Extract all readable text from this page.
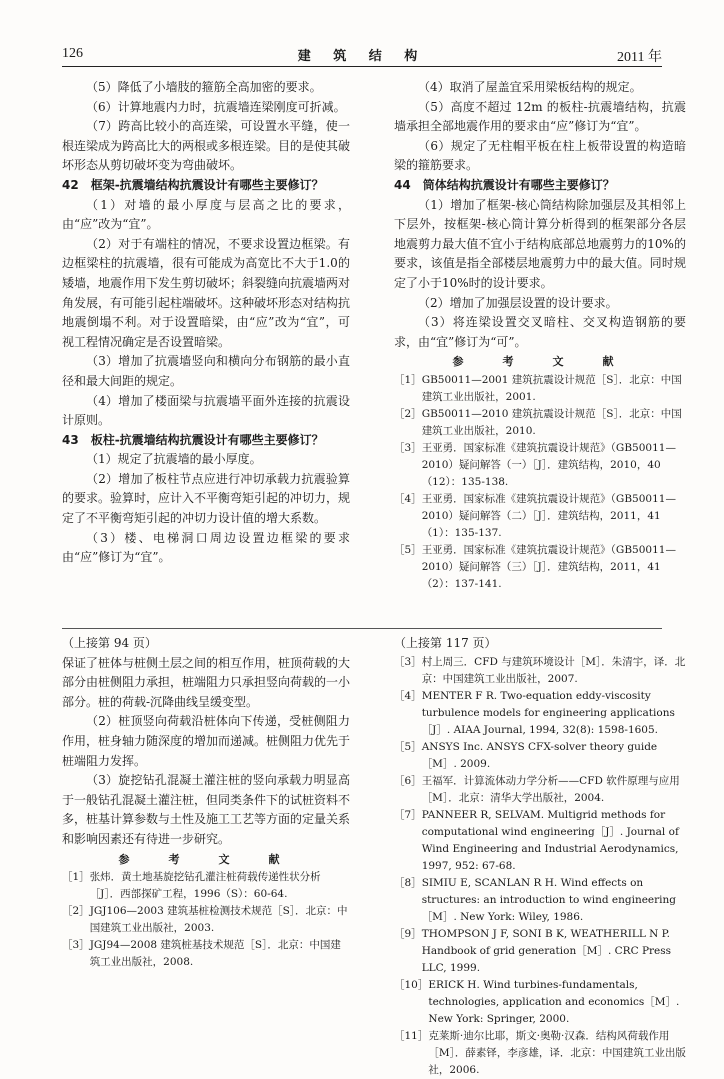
126	建 筑 结 构	2011 年

（5）降低了小墙肢的箍筋全高加密的要求。

（6）计算地震内力时，抗震墙连梁刚度可折减。

（7）跨高比较小的高连梁，可设置水平缝，使一根连梁成为跨高比大的两根或多根连梁。目的是使其破坏形态从剪切破坏变为弯曲破坏。

42　框架-抗震墙结构抗震设计有哪些主要修订？

（1）对墙的最小厚度与层高之比的要求，由“应”改为“宜”。

（2）对于有端柱的情况，不要求设置边框梁。有边框梁柱的抗震墙，很有可能成为高宽比不大于1.0的矮墙，地震作用下发生剪切破坏；斜裂缝向抗震墙两对角发展，有可能引起柱端破坏。这种破坏形态对结构抗地震倒塌不利。对于设置暗梁，由“应”改为“宜”，可视工程情况确定是否设置暗梁。

（3）增加了抗震墙竖向和横向分布钢筋的最小直径和最大间距的规定。

（4）增加了楼面梁与抗震墙平面外连接的抗震设计原则。

43　板柱-抗震墙结构抗震设计有哪些主要修订？

（1）规定了抗震墙的最小厚度。

（2）增加了板柱节点应进行冲切承载力抗震验算的要求。验算时，应计入不平衡弯矩引起的冲切力，规定了不平衡弯矩引起的冲切力设计值的增大系数。

（3）楼、电梯洞口周边设置边框梁的要求由“应”修订为“宜”。

（4）取消了屋盖宜采用梁板结构的规定。

（5）高度不超过 12m 的板柱-抗震墙结构，抗震墙承担全部地震作用的要求由“应”修订为“宜”。

（6）规定了无柱帽平板在柱上板带设置的构造暗梁的箍筋要求。

44　筒体结构抗震设计有哪些主要修订？

（1）增加了框架-核心筒结构除加强层及其相邻上下层外，按框架-核心筒计算分析得到的框架部分各层地震剪力最大值不宜小于结构底部总地震剪力的10%的要求，该值是指全部楼层地震剪力中的最大值。同时规定了小于10%时的设计要求。

（2）增加了加强层设置的设计要求。

（3）将连梁设置交叉暗柱、交叉构造钢筋的要求，由“宜”修订为“可”。

参　考　文　献

［1］ GB50011—2001 建筑抗震设计规范［S］．北京：中国建筑工业出版社，2001.
［2］ GB50011—2010 建筑抗震设计规范［S］．北京：中国建筑工业出版社，2010.
［3］ 王亚勇．国家标准《建筑抗震设计规范》（GB50011—2010）疑问解答（一）［J］．建筑结构，2010，40（12）：135-138.
［4］ 王亚勇．国家标准《建筑抗震设计规范》（GB50011—2010）疑问解答（二）［J］．建筑结构，2011，41（1）：135-137.
［5］ 王亚勇．国家标准《建筑抗震设计规范》（GB50011—2010）疑问解答（三）［J］．建筑结构，2011，41（2）：137-141.

（上接第 94 页）

保证了桩体与桩侧土层之间的相互作用，桩顶荷载的大部分由桩侧阻力承担，桩端阻力只承担竖向荷载的一小部分。桩的荷载-沉降曲线呈缓变型。

（2）桩顶竖向荷载沿桩体向下传递，受桩侧阻力作用，桩身轴力随深度的增加而递减。桩侧阻力优先于桩端阻力发挥。

（3）旋挖钻孔混凝土灌注桩的竖向承载力明显高于一般钻孔混凝土灌注桩，但同类条件下的试桩资料不多，桩基计算参数与土性及施工工艺等方面的定量关系和影响因素还有待进一步研究。

参　考　文　献

［1］ 张炜．黄土地基旋挖钻孔灌注桩荷载传递性状分析［J］．西部探矿工程，1996（S）：60-64.
［2］ JGJ106—2003 建筑基桩检测技术规范［S］．北京：中国建筑工业出版社，2003.
［3］ JGJ94—2008 建筑桩基技术规范［S］．北京：中国建筑工业出版社，2008.

（上接第 117 页）

［3］ 村上周三．CFD 与建筑环境设计［M］．朱清宇，译．北京：中国建筑工业出版社，2007.
［4］ MENTER F R. Two-equation eddy-viscosity turbulence models for engineering applications［J］. AIAA Journal, 1994, 32(8): 1598-1605.
［5］ ANSYS Inc. ANSYS CFX-solver theory guide［M］. 2009.
［6］ 王福军．计算流体动力学分析——CFD 软件原理与应用［M］．北京：清华大学出版社，2004.
［7］ PANNEER R, SELVAM. Multigrid methods for computational wind engineering［J］. Journal of Wind Engineering and Industrial Aerodynamics, 1997, 952: 67-68.
［8］ SIMIU E, SCANLAN R H. Wind effects on structures: an introduction to wind engineering［M］. New York: Wiley, 1986.
［9］ THOMPSON J F, SONI B K, WEATHERILL N P. Handbook of grid generation［M］. CRC Press LLC, 1999.
［10］ ERICK H. Wind turbines-fundamentals, technologies, application and economics［M］. New York: Springer, 2000.
［11］ 克莱斯·迪尔比耶，斯文·奥勒·汉森．结构风荷载作用［M］．薛素铎，李彦雄，译．北京：中国建筑工业出版社，2006.
